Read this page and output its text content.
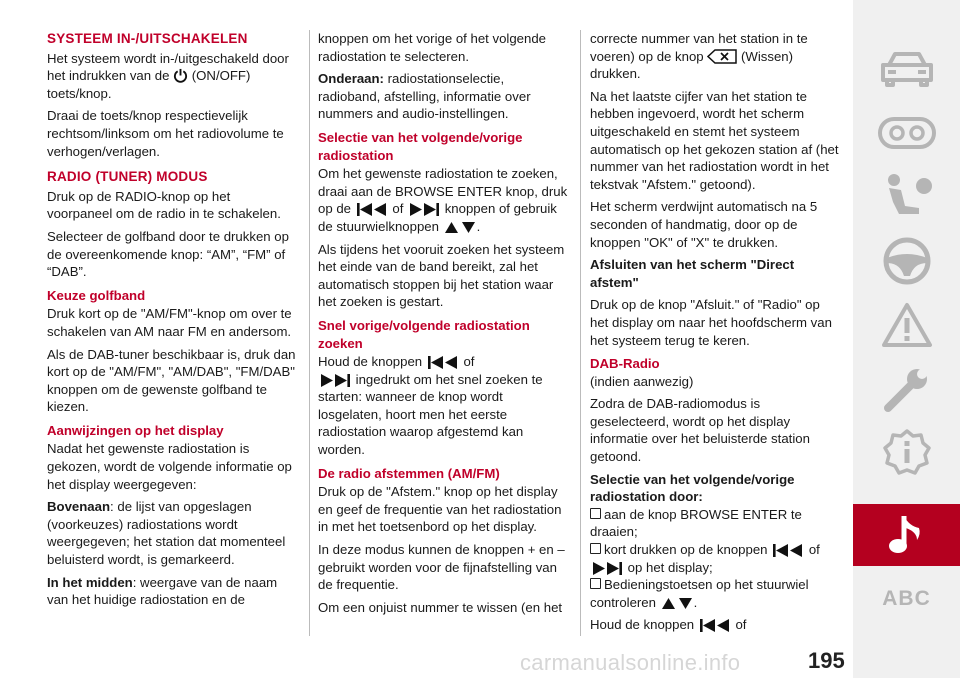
SYSTEEM IN-/UITSCHAKELEN

Het systeem wordt in-/uitgeschakeld door het indrukken van de (ON/OFF) toets/knop.

Draai de toets/knop respectievelijk rechtsom/linksom om het radiovolume te verhogen/verlagen.

RADIO (TUNER) MODUS

Druk op de RADIO-knop op het voorpaneel om de radio in te schakelen.

Selecteer de golfband door te drukken op de overeenkomende knop: “AM”, “FM” of “DAB”.

Keuze golfband

Druk kort op de "AM/FM"-knop om over te schakelen van AM naar FM en andersom.

Als de DAB-tuner beschikbaar is, druk dan kort op de "AM/FM", "AM/DAB", "FM/DAB" knoppen om de gewenste golfband te kiezen.

Aanwijzingen op het display

Nadat het gewenste radiostation is gekozen, wordt de volgende informatie op het display weergegeven:

Bovenaan: de lijst van opgeslagen (voorkeuzes) radiostations wordt weergegeven; het station dat momenteel beluisterd wordt, is gemarkeerd.

In het midden: weergave van de naam van het huidige radiostation en de

knoppen om het vorige of het volgende radiostation te selecteren.

Onderaan: radiostationselectie, radioband, afstelling, informatie over nummers and audio-instellingen.

Selectie van het volgende/vorige radiostation

Om het gewenste radiostation te zoeken, draai aan de BROWSE ENTER knop, druk op de	of	knoppen of gebruik de stuurwielknoppen	.

Als tijdens het vooruit zoeken het systeem het einde van de band bereikt, zal het automatisch stoppen bij het station waar het zoeken is gestart.

Snel vorige/volgende radiostation zoeken

Houd de knoppen	of
ingedrukt om het snel zoeken te starten: wanneer de knop wordt losgelaten, hoort men het eerste radiostation waarop afgestemd kan worden.

De radio afstemmen (AM/FM)

Druk op de "Afstem." knop op het display en geef de frequentie van het radiostation in met het toetsenbord op het display.

In deze modus kunnen de knoppen + en – gebruikt worden voor de fijnafstelling van de frequentie.

Om een onjuist nummer te wissen (en het

correcte nummer van het station in te voeren) op de knop	(Wissen) drukken.

Na het laatste cijfer van het station te hebben ingevoerd, wordt het scherm uitgeschakeld en stemt het systeem automatisch op het gekozen station af (het nummer van het radiostation wordt in het tekstvak "Afstem." getoond).

Het scherm verdwijnt automatisch na 5 seconden of handmatig, door op de knoppen "OK" of "X" te drukken.

Afsluiten van het scherm "Direct afstem"

Druk op de knop "Afsluit." of "Radio" op het display om naar het hoofdscherm van het systeem terug te keren.

DAB-Radio

(indien aanwezig)

Zodra de DAB-radiomodus is geselecteerd, wordt op het display informatie over het beluisterde station getoond.

Selectie van het volgende/vorige radiostation door:

aan de knop BROWSE ENTER te draaien;

kort drukken op de knoppen	of
op het display;

Bedieningstoetsen op het stuurwiel controleren	.

Houd de knoppen	of

ABC
carmanualsonline.info	195
